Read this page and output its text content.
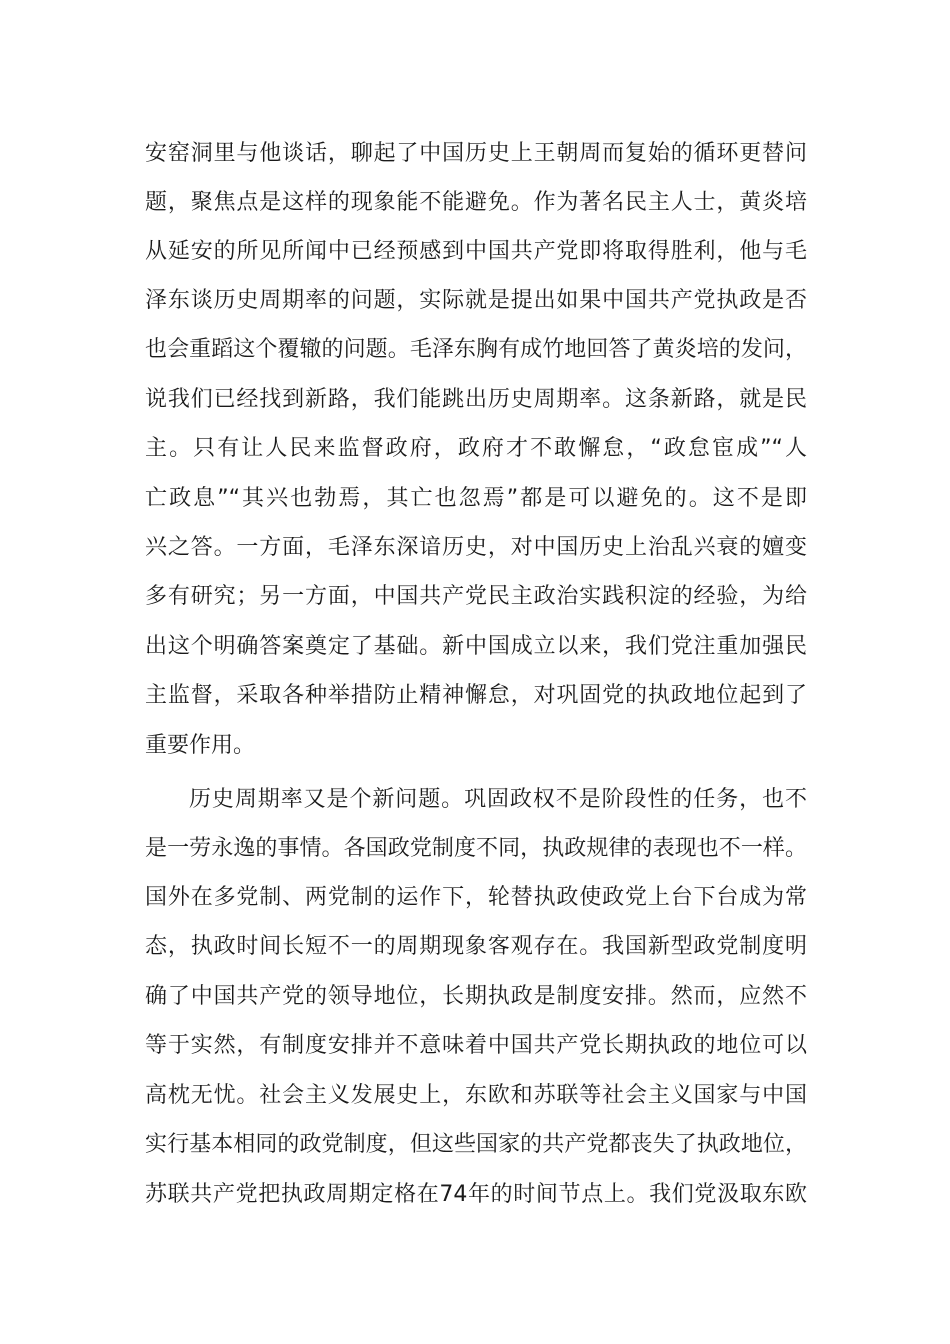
安窑洞里与他谈话，聊起了中国历史上王朝周而复始的循环更替问
题，聚焦点是这样的现象能不能避免。作为著名民主人士，黄炎培
从延安的所见所闻中已经预感到中国共产党即将取得胜利，他与毛
泽东谈历史周期率的问题，实际就是提出如果中国共产党执政是否
也会重蹈这个覆辙的问题。毛泽东胸有成竹地回答了黄炎培的发问，
说我们已经找到新路，我们能跳出历史周期率。这条新路，就是民
主。只有让人民来监督政府，政府才不敢懈怠，“政怠宦成”“人
亡政息”“其兴也勃焉，其亡也忽焉”都是可以避免的。这不是即
兴之答。一方面，毛泽东深谙历史，对中国历史上治乱兴衰的嬗变
多有研究；另一方面，中国共产党民主政治实践积淀的经验，为给
出这个明确答案奠定了基础。新中国成立以来，我们党注重加强民
主监督，采取各种举措防止精神懈怠，对巩固党的执政地位起到了
重要作用。
历史周期率又是个新问题。巩固政权不是阶段性的任务，也不
是一劳永逸的事情。各国政党制度不同，执政规律的表现也不一样。
国外在多党制、两党制的运作下，轮替执政使政党上台下台成为常
态，执政时间长短不一的周期现象客观存在。我国新型政党制度明
确了中国共产党的领导地位，长期执政是制度安排。然而，应然不
等于实然，有制度安排并不意味着中国共产党长期执政的地位可以
高枕无忧。社会主义发展史上，东欧和苏联等社会主义国家与中国
实行基本相同的政党制度，但这些国家的共产党都丧失了执政地位，
苏联共产党把执政周期定格在74年的时间节点上。我们党汲取东欧
